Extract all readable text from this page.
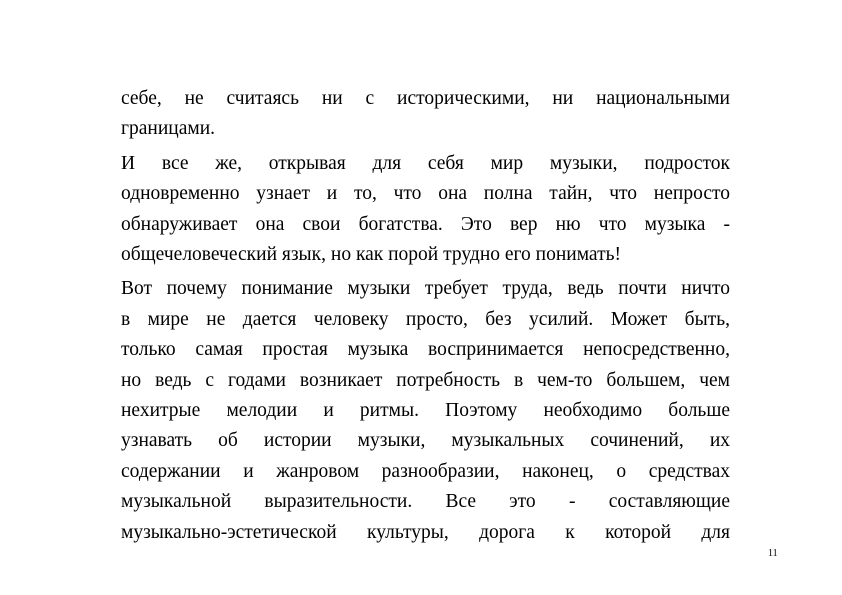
себе, не считаясь ни с историческими, ни национальными
границами.

И все же, открывая для себя мир музыки, подросток
одновременно узнает и то, что она полна тайн, что непросто
обнаруживает она свои богатства. Это вер ню что музыка -
общечеловеческий язык, но как порой трудно его понимать!

Вот почему понимание музыки требует труда, ведь почти ничто
в мире не дается человеку просто, без усилий. Может быть,
только самая простая музыка воспринимается непосредственно,
но ведь с годами возникает потребность в чем-то большем, чем
нехитрые мелодии и ритмы. Поэтому необходимо больше
узнавать об истории музыки, музыкальных сочинений, их
содержании и жанровом разнообразии, наконец, о средствах
музыкальной выразительности. Все это - составляющие
музыкально-эстетической культуры, дорога к которой для

11
